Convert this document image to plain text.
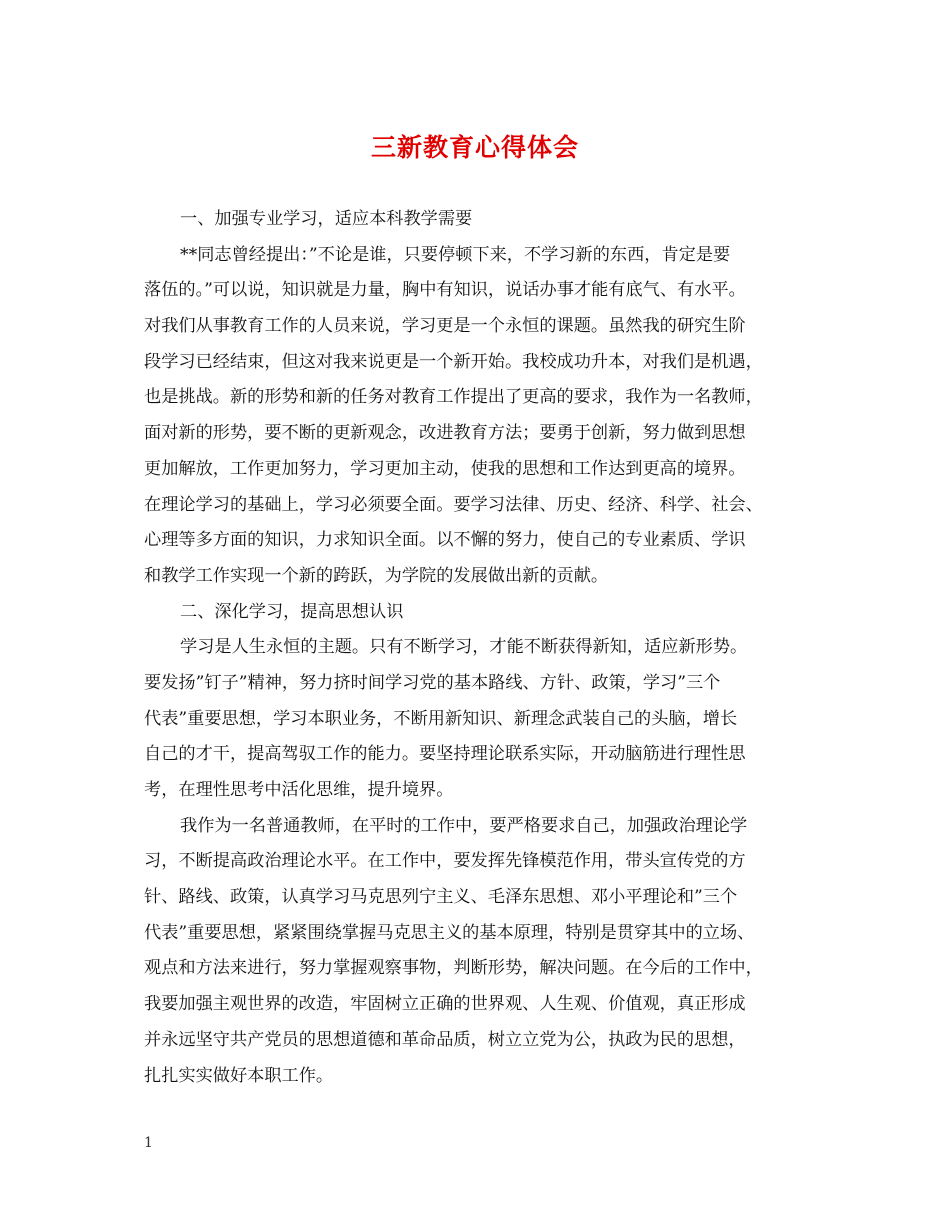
三新教育心得体会
一、加强专业学习，适应本科教学需要
**同志曾经提出：”不论是谁，只要停顿下来，不学习新的东西，肯定是要
落伍的。”可以说，知识就是力量，胸中有知识，说话办事才能有底气、有水平。
对我们从事教育工作的人员来说，学习更是一个永恒的课题。虽然我的研究生阶
段学习已经结束，但这对我来说更是一个新开始。我校成功升本，对我们是机遇，
也是挑战。新的形势和新的任务对教育工作提出了更高的要求，我作为一名教师，
面对新的形势，要不断的更新观念，改进教育方法；要勇于创新，努力做到思想
更加解放，工作更加努力，学习更加主动，使我的思想和工作达到更高的境界。
在理论学习的基础上，学习必须要全面。要学习法律、历史、经济、科学、社会、
心理等多方面的知识，力求知识全面。以不懈的努力，使自己的专业素质、学识
和教学工作实现一个新的跨跃，为学院的发展做出新的贡献。
二、深化学习，提高思想认识
学习是人生永恒的主题。只有不断学习，才能不断获得新知，适应新形势。
要发扬”钉子”精神，努力挤时间学习党的基本路线、方针、政策，学习”三个
代表”重要思想，学习本职业务，不断用新知识、新理念武装自己的头脑，增长
自己的才干，提高驾驭工作的能力。要坚持理论联系实际，开动脑筋进行理性思
考，在理性思考中活化思维，提升境界。
我作为一名普通教师，在平时的工作中，要严格要求自己，加强政治理论学
习，不断提高政治理论水平。在工作中，要发挥先锋模范作用，带头宣传党的方
针、路线、政策，认真学习马克思列宁主义、毛泽东思想、邓小平理论和”三个
代表”重要思想，紧紧围绕掌握马克思主义的基本原理，特别是贯穿其中的立场、
观点和方法来进行，努力掌握观察事物，判断形势，解决问题。在今后的工作中，
我要加强主观世界的改造，牢固树立正确的世界观、人生观、价值观，真正形成
并永远坚守共产党员的思想道德和革命品质，树立立党为公，执政为民的思想，
扎扎实实做好本职工作。
1
